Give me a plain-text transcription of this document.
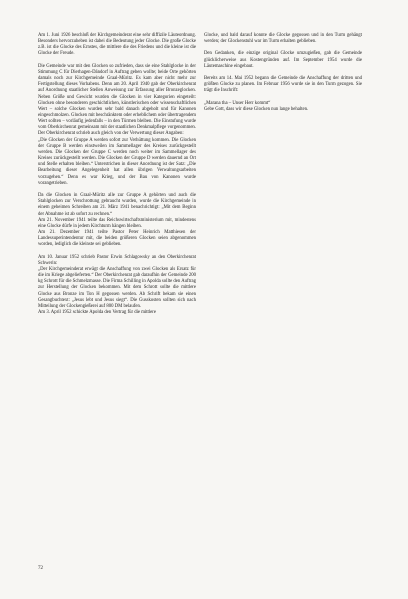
Am 1. Juni 1926 beschloß der Kirchgemeinderat eine sehr diffizile Läuteordnung. Besonders hervorzuheben ist dabei die Bedeutung jeder Glocke. Die große Glocke z.B. ist die Glocke des Ernstes, die mittlere die des Friedens und die kleine ist die Glocke der Freude.

Die Gemeinde war mit den Glocken so zufrieden, dass sie eine Stahlglocke in der Stimmung C für Dierhagen-Dändorf in Auftrag geben wollte; beide Orte gehörten damals noch zur Kirchgemeinde Graal-Müritz. Es kam aber nicht mehr zur Fertigstellung dieses Vorhabens. Denn am 20. April 1940 gab der Oberkirchenrat auf Anordnung staatlicher Stellen Anweisung zur Erfassung aller Bronzeglocken. Neben Größe und Gewicht wurden die Glocken in vier Kategorien eingeteilt: Glocken ohne besonderen geschichtlichen, künstlerischen oder wissenschaftlichen Wert – solche Glocken wurden sehr bald danach abgeholt und für Kanonen eingeschmolzen. Glocken mit beschränktem oder erheblichem oder übertragendem Wert sollten – vorläufig jedenfalls – in den Türmen bleiben. Die Einstufung wurde vom Oberkirchenrat gemeinsam mit der staatlichen Denkmalpflege vorgenommen. Der Oberkirchenrat schrieb auch gleich von der Verwertung dieser Angaben:

„Die Glocken der Gruppe A werden sofort zur Verhüttung kommen. Die Glocken der Gruppe B werden einstweilen im Sammellager des Kreises zurückgestellt werden. Die Glocken der Gruppe C werden noch weiter im Sammellager des Kreises zurückgestellt werden. Die Glocken der Gruppe D werden dauernd an Ort und Stelle erhalten bleiben.“ Unterstrichen in dieser Anordnung ist der Satz: „Die Bearbeitung dieser Angelegenheit hat allen übrigen Verwaltungsarbeiten vorzugehen.“ Denn es war Krieg, und der Bau von Kanonen wurde vorangetrieben.

Da die Glocken in Graal-Müritz alle zur Gruppe A gehörten und auch die Stahlglocken zur Verschrottung gebraucht wurden, wurde die Kirchgemeinde in einem geheimen Schreiben am 21. März 1941 benachrichtigt: „Mit dem Beginn der Abnahme ist ab sofort zu rechnen.“

Am 21. November 1941 teilte das Reichswirtschaftsministerium mit, mindestens eine Glocke dürfe in jedem Kirchturm hängen bleiben.

Am 21. Dezember 1941 teilte Pastor Peter Heinrich Matthiesen der Landessuperintendentur mit, die beiden größeren Glocken seien abgenommen worden, lediglich die kleinste sei geblieben.

Am 10. Januar 1952 schrieb Pastor Erwin Schlagowsky an den Oberkirchenrat Schwerin:

„Der Kirchgemeinderat erwägt die Anschaffung von zwei Glocken als Ersatz für die im Kriege abgelieferten.“ Der Oberkirchenrat gab daraufhin der Gemeinde 200 kg Schrott für die Schmelzmasse. Die Firma Schilling in Apolda sollte den Auftrag zur Herstellung der Glocken bekommen. Mit dem Schrott sollte die mittlere Glocke aus Bronze im Ton H gegossen werden. Ab Schrift bekam sie einen Gesangbuchtext: „Jesus lebt und Jesus siegt“. Die Gusskosten sollten sich nach Mitteilung der Glockengießerei auf 800 DM belaufen.

Am 3. April 1952 schickte Apolda den Vertrag für die mittlere

Glocke, und bald darauf konnte die Glocke gegossen und in den Turm gehängt werden; der Glockenstuhl war im Turm erhalten geblieben.

Den Gedanken, die einzige original Glocke umzugießen, gab die Gemeinde glücklicherweise aus Kostengründen auf. Im September 1954 wurde die Läutemaschine eingebaut.

Bereits am 14. Mai 1952 begann die Gemeinde die Anschaffung der dritten und größten Glocke zu planen. Im Februar 1956 wurde sie in den Turm gezogen. Sie trägt die Inschrift:

„Marana tha – Unser Herr kommt“

Gebe Gott, dass wir diese Glocken nun lange behalten.

72
